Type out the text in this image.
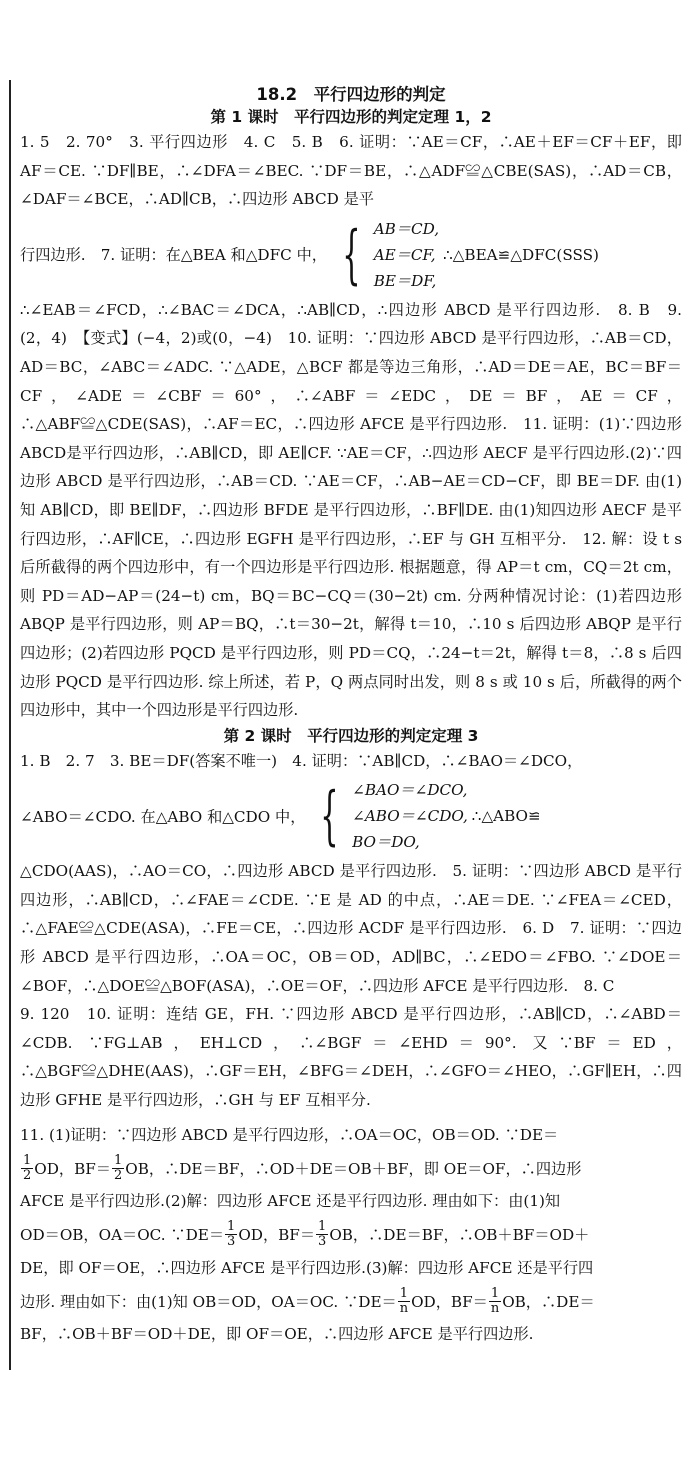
18.2　平行四边形的判定
第 1 课时　平行四边形的判定定理 1，2

1. 5　2. 70°　3. 平行四边形　4. C　5. B　6. 证明：∵AE＝CF，∴AE＋EF＝CF＋EF，即 AF＝CE. ∵DF∥BE，∴∠DFA＝∠BEC. ∵DF＝BE，∴△ADF≌△CBE(SAS)，∴AD＝CB，∠DAF＝∠BCE，∴AD∥CB，∴四边形 ABCD 是平

行四边形.　7. 证明：在△BEA 和△DFC 中， { AB＝CD,
AE＝CF,
BE＝DF,
∴△BEA≌△DFC(SSS)

∴∠EAB＝∠FCD，∴∠BAC＝∠DCA，∴AB∥CD，∴四边形 ABCD 是平行四边形.　8. B　9. (2，4)　【变式】(−4，2)或(0，−4)　10. 证明：∵四边形 ABCD 是平行四边形，∴AB＝CD，AD＝BC，∠ABC＝∠ADC. ∵△ADE，△BCF 都是等边三角形，∴AD＝DE＝AE，BC＝BF＝CF，∠ADE＝∠CBF＝60°，∴∠ABF＝∠EDC，DE＝BF，AE＝CF，∴△ABF≌△CDE(SAS)，∴AF＝EC，∴四边形 AFCE 是平行四边形.　11. 证明：(1)∵四边形ABCD是平行四边形，∴AB∥CD，即 AE∥CF. ∵AE＝CF，∴四边形 AECF 是平行四边形.(2)∵四边形 ABCD 是平行四边形，∴AB＝CD. ∵AE＝CF，∴AB−AE＝CD−CF，即 BE＝DF. 由(1)知 AB∥CD，即 BE∥DF，∴四边形 BFDE 是平行四边形，∴BF∥DE. 由(1)知四边形 AECF 是平行四边形，∴AF∥CE，∴四边形 EGFH 是平行四边形，∴EF 与 GH 互相平分.　12. 解：设 t s 后所截得的两个四边形中，有一个四边形是平行四边形. 根据题意，得 AP＝t cm，CQ＝2t cm，则 PD＝AD−AP＝(24−t) cm，BQ＝BC−CQ＝(30−2t) cm. 分两种情况讨论：(1)若四边形 ABQP 是平行四边形，则 AP＝BQ，∴t＝30−2t，解得 t＝10，∴10 s 后四边形 ABQP 是平行四边形；(2)若四边形 PQCD 是平行四边形，则 PD＝CQ，∴24−t＝2t，解得 t＝8，∴8 s 后四边形 PQCD 是平行四边形. 综上所述，若 P，Q 两点同时出发，则 8 s 或 10 s 后，所截得的两个四边形中，其中一个四边形是平行四边形.

第 2 课时　平行四边形的判定定理 3

1. B　2. 7　3. BE＝DF(答案不唯一)　4. 证明：∵AB∥CD，∴∠BAO＝∠DCO，

∠ABO＝∠CDO. 在△ABO 和△CDO 中， { ∠BAO＝∠DCO,
∠ABO＝∠CDO,
BO＝DO,
∴△ABO≌

△CDO(AAS)，∴AO＝CO，∴四边形 ABCD 是平行四边形.　5. 证明：∵四边形 ABCD 是平行四边形，∴AB∥CD，∴∠FAE＝∠CDE. ∵E 是 AD 的中点，∴AE＝DE. ∵∠FEA＝∠CED，∴△FAE≌△CDE(ASA)，∴FE＝CE，∴四边形 ACDF 是平行四边形.　6. D　7. 证明：∵四边形 ABCD 是平行四边形，∴OA＝OC，OB＝OD，AD∥BC，∴∠EDO＝∠FBO. ∵∠DOE＝∠BOF，∴△DOE≌△BOF(ASA)，∴OE＝OF，∴四边形 AFCE 是平行四边形.　8. C

9. 120　10. 证明：连结 GE，FH. ∵四边形 ABCD 是平行四边形，∴AB∥CD，∴∠ABD＝∠CDB. ∵FG⊥AB，EH⊥CD，∴∠BGF＝∠EHD＝90°. 又∵BF＝ED，∴△BGF≌△DHE(AAS)，∴GF＝EH，∠BFG＝∠DEH，∴∠GFO＝∠HEO，∴GF∥EH，∴四边形 GFHE 是平行四边形，∴GH 与 EF 互相平分.

11. (1)证明：∵四边形 ABCD 是平行四边形，∴OA＝OC，OB＝OD. ∵DE＝

$\frac{1}{2}$ OD，$BF= \frac{1}{2}$ OB，∴DE＝BF，∴OD＋DE＝OB＋BF，即 OE＝OF，∴四边形

AFCE 是平行四边形.(2)解：四边形 AFCE 还是平行四边形. 理由如下：由(1)知

OD＝OB，OA＝OC. ∵DE＝ $\frac{1}{3}$ OD，$BF= \frac{1}{3}$ OB，∴DE＝BF，∴OB＋BF＝OD＋

DE，即 OF＝OE，∴四边形 AFCE 是平行四边形.(3)解：四边形 AFCE 还是平行四

边形. 理由如下：由(1)知 OB＝OD，OA＝OC. ∵DE＝ $\frac{1}{n}$ OD，$BF= \frac{1}{n}$ OB，∴DE＝

BF，∴OB＋BF＝OD＋DE，即 OF＝OE，∴四边形 AFCE 是平行四边形.
